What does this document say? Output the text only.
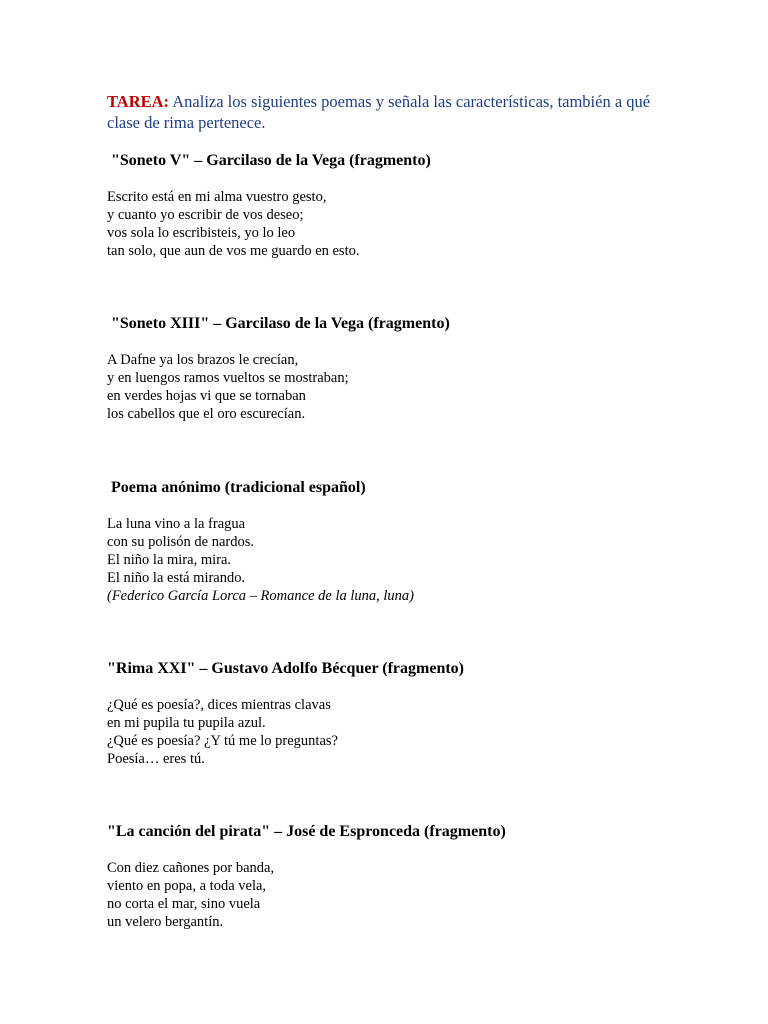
TAREA: Analiza los siguientes poemas y señala las características, también a qué clase de rima pertenece.

"Soneto V" – Garcilaso de la Vega (fragmento)

Escrito está en mi alma vuestro gesto,
y cuanto yo escribir de vos deseo;
vos sola lo escribisteis, yo lo leo
tan solo, que aun de vos me guardo en esto.

"Soneto XIII" – Garcilaso de la Vega (fragmento)

A Dafne ya los brazos le crecían,
y en luengos ramos vueltos se mostraban;
en verdes hojas vi que se tornaban
los cabellos que el oro escurecían.

Poema anónimo (tradicional español)

La luna vino a la fragua
con su polisón de nardos.
El niño la mira, mira.
El niño la está mirando.
(Federico García Lorca – Romance de la luna, luna)

"Rima XXI" – Gustavo Adolfo Bécquer (fragmento)

¿Qué es poesía?, dices mientras clavas
en mi pupila tu pupila azul.
¿Qué es poesía? ¿Y tú me lo preguntas?
Poesía… eres tú.

"La canción del pirata" – José de Espronceda (fragmento)

Con diez cañones por banda,
viento en popa, a toda vela,
no corta el mar, sino vuela
un velero bergantín.
